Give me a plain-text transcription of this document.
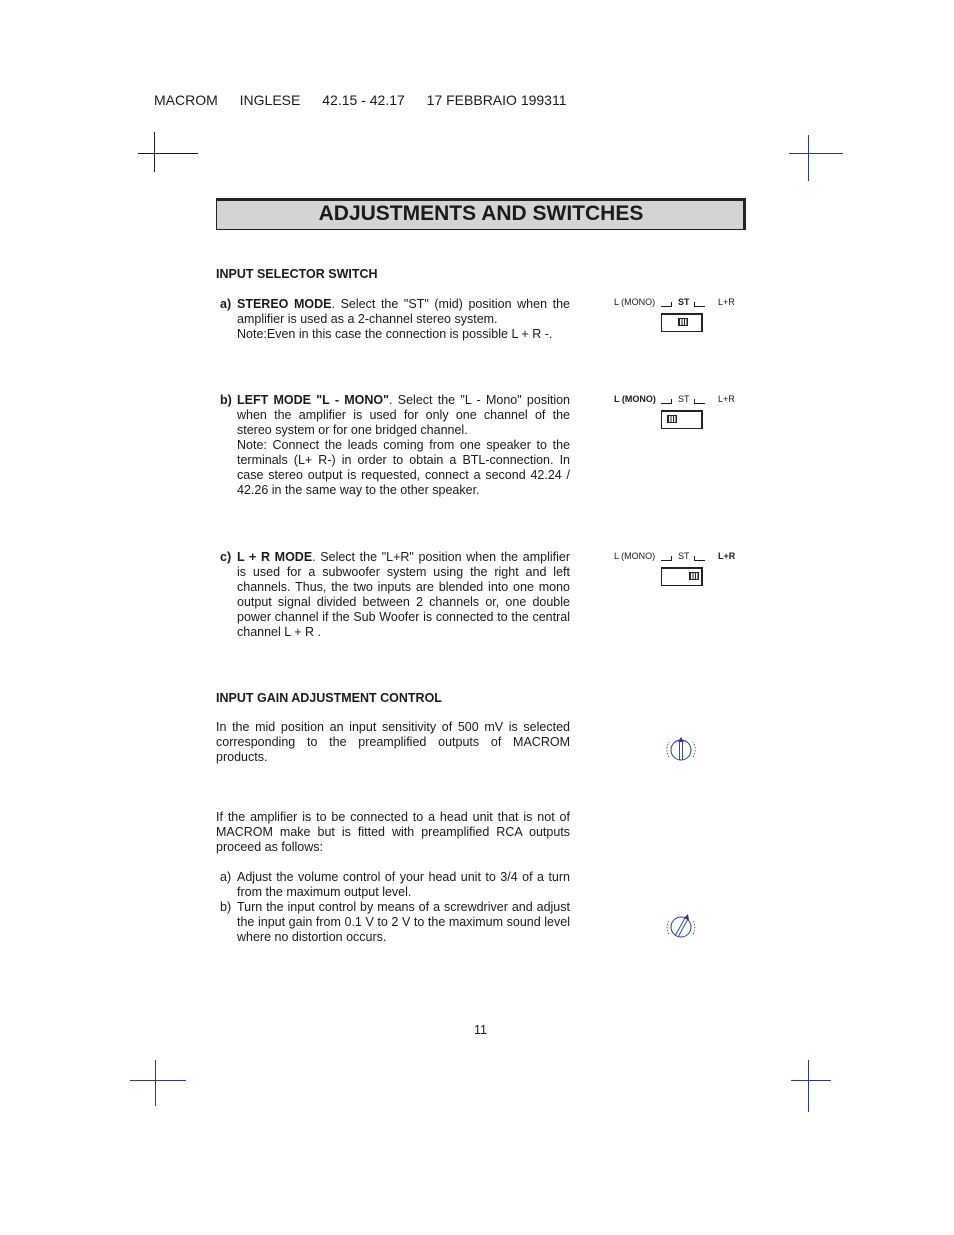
MACROM INGLESE 42.15 - 42.17 17 FEBBRAIO 199311
ADJUSTMENTS AND SWITCHES
INPUT SELECTOR SWITCH
a) STEREO MODE. Select the "ST" (mid) position when the amplifier is used as a 2-channel stereo system.
Note:Even in this case the connection is possible L + R -.
b) LEFT MODE "L - MONO". Select the "L - Mono" position when the amplifier is used for only one channel of the stereo system or for one bridged channel.
Note: Connect the leads coming from one speaker to the terminals (L+ R-) in order to obtain a BTL-connection. In case stereo output is requested, connect a second 42.24 / 42.26 in the same way to the other speaker.
c) L + R MODE. Select the "L+R" position when the amplifier is used for a subwoofer system using the right and left channels. Thus, the two inputs are blended into one mono output signal divided between 2 channels or, one double power channel if the Sub Woofer is connected to the central channel L + R .
L (MONO)	ST	L+R
L (MONO) ST	L+R
L (MONO)	ST	L+R
INPUT GAIN ADJUSTMENT CONTROL
In the mid position an input sensitivity of 500 mV is selected corresponding to the preamplified outputs of MACROM products.
If the amplifier is to be connected to a head unit that is not of MACROM make but is fitted with preamplified RCA outputs proceed as follows:
a) Adjust the volume control of your head unit to 3/4 of a turn from the maximum output level.
b) Turn the input control by means of a screwdriver and adjust the input gain from 0.1 V to 2 V to the maximum sound level where no distortion occurs.
11
